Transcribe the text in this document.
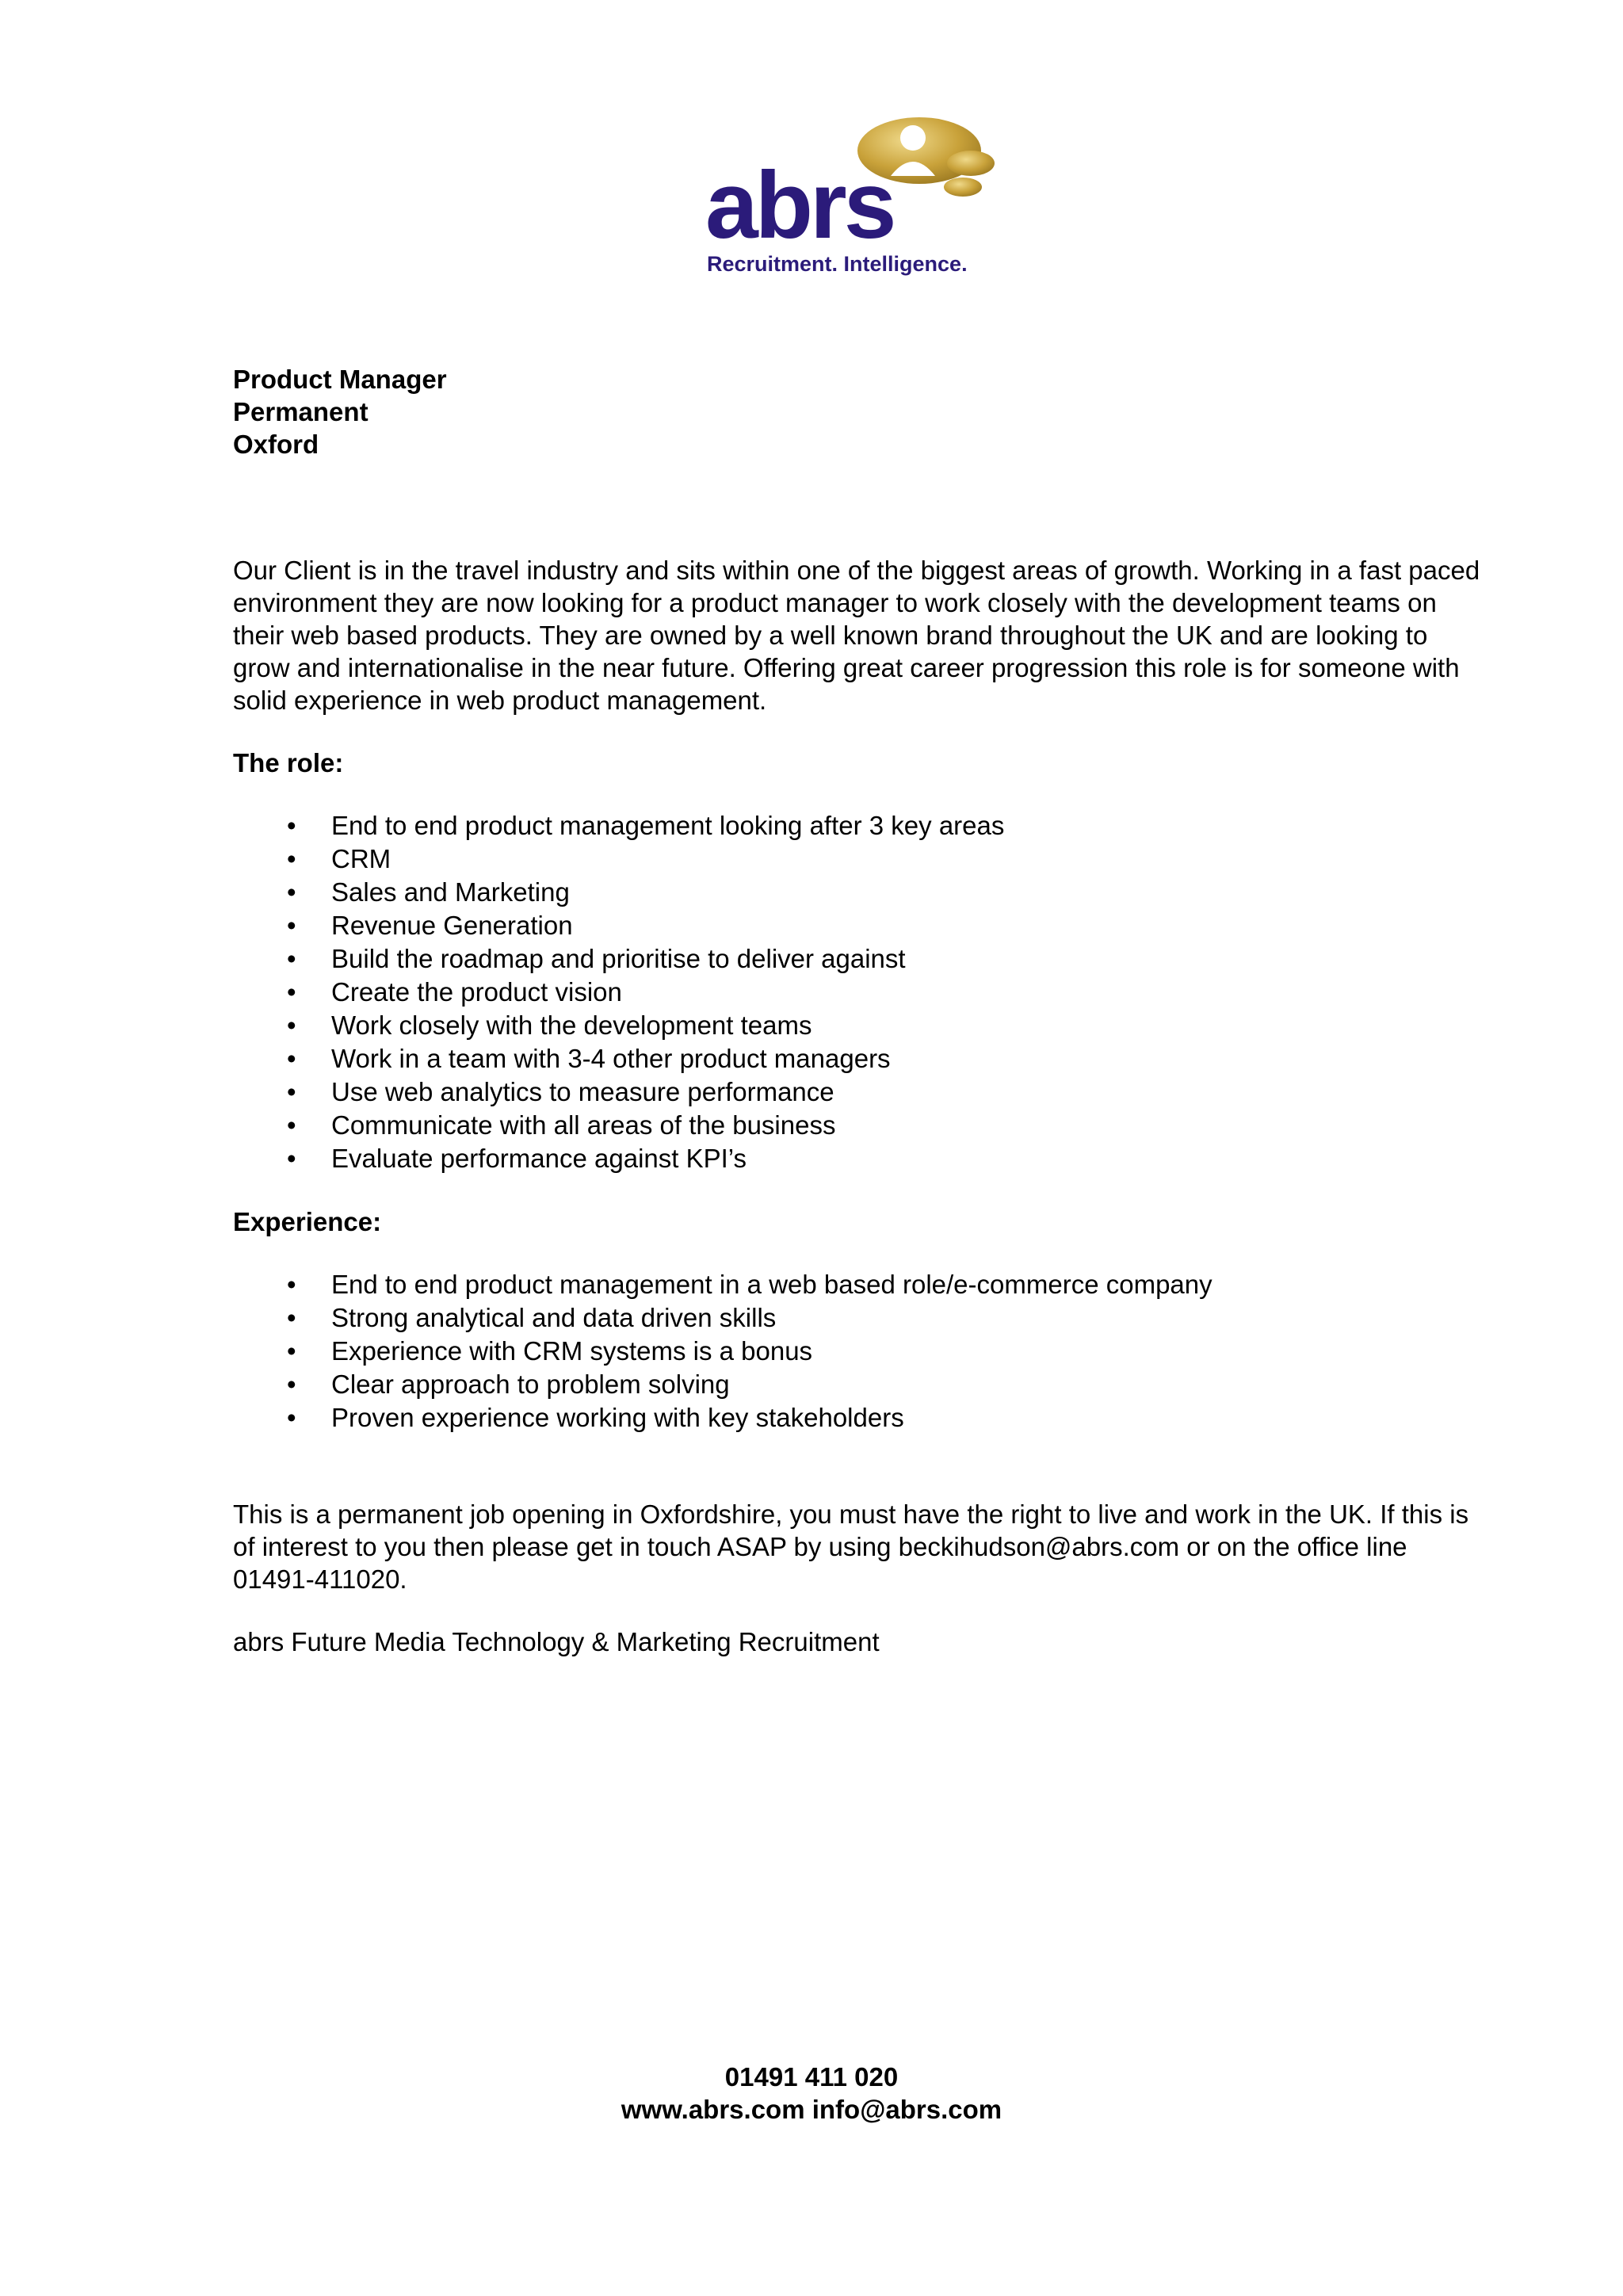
abrs
Recruitment. Intelligence.
Product Manager
Permanent
Oxford

Our Client is in the travel industry and sits within one of the biggest areas of growth. Working in a fast paced environment they are now looking for a product manager to work closely with the development teams on their web based products. They are owned by a well known brand throughout the UK and are looking to grow and internationalise in the near future. Offering great career progression this role is for someone with solid experience in web product management.

The role:

• End to end product management looking after 3 key areas
• CRM
• Sales and Marketing
• Revenue Generation
• Build the roadmap and prioritise to deliver against
• Create the product vision
• Work closely with the development teams
• Work in a team with 3-4 other product managers
• Use web analytics to measure performance
• Communicate with all areas of the business
• Evaluate performance against KPI’s

Experience:

• End to end product management in a web based role/e-commerce company
• Strong analytical and data driven skills
• Experience with CRM systems is a bonus
• Clear approach to problem solving
• Proven experience working with key stakeholders

This is a permanent job opening in Oxfordshire, you must have the right to live and work in the UK. If this is of interest to you then please get in touch ASAP by using beckihudson@abrs.com or on the office line 01491-411020.

abrs Future Media Technology & Marketing Recruitment

01491 411 020
www.abrs.com info@abrs.com
